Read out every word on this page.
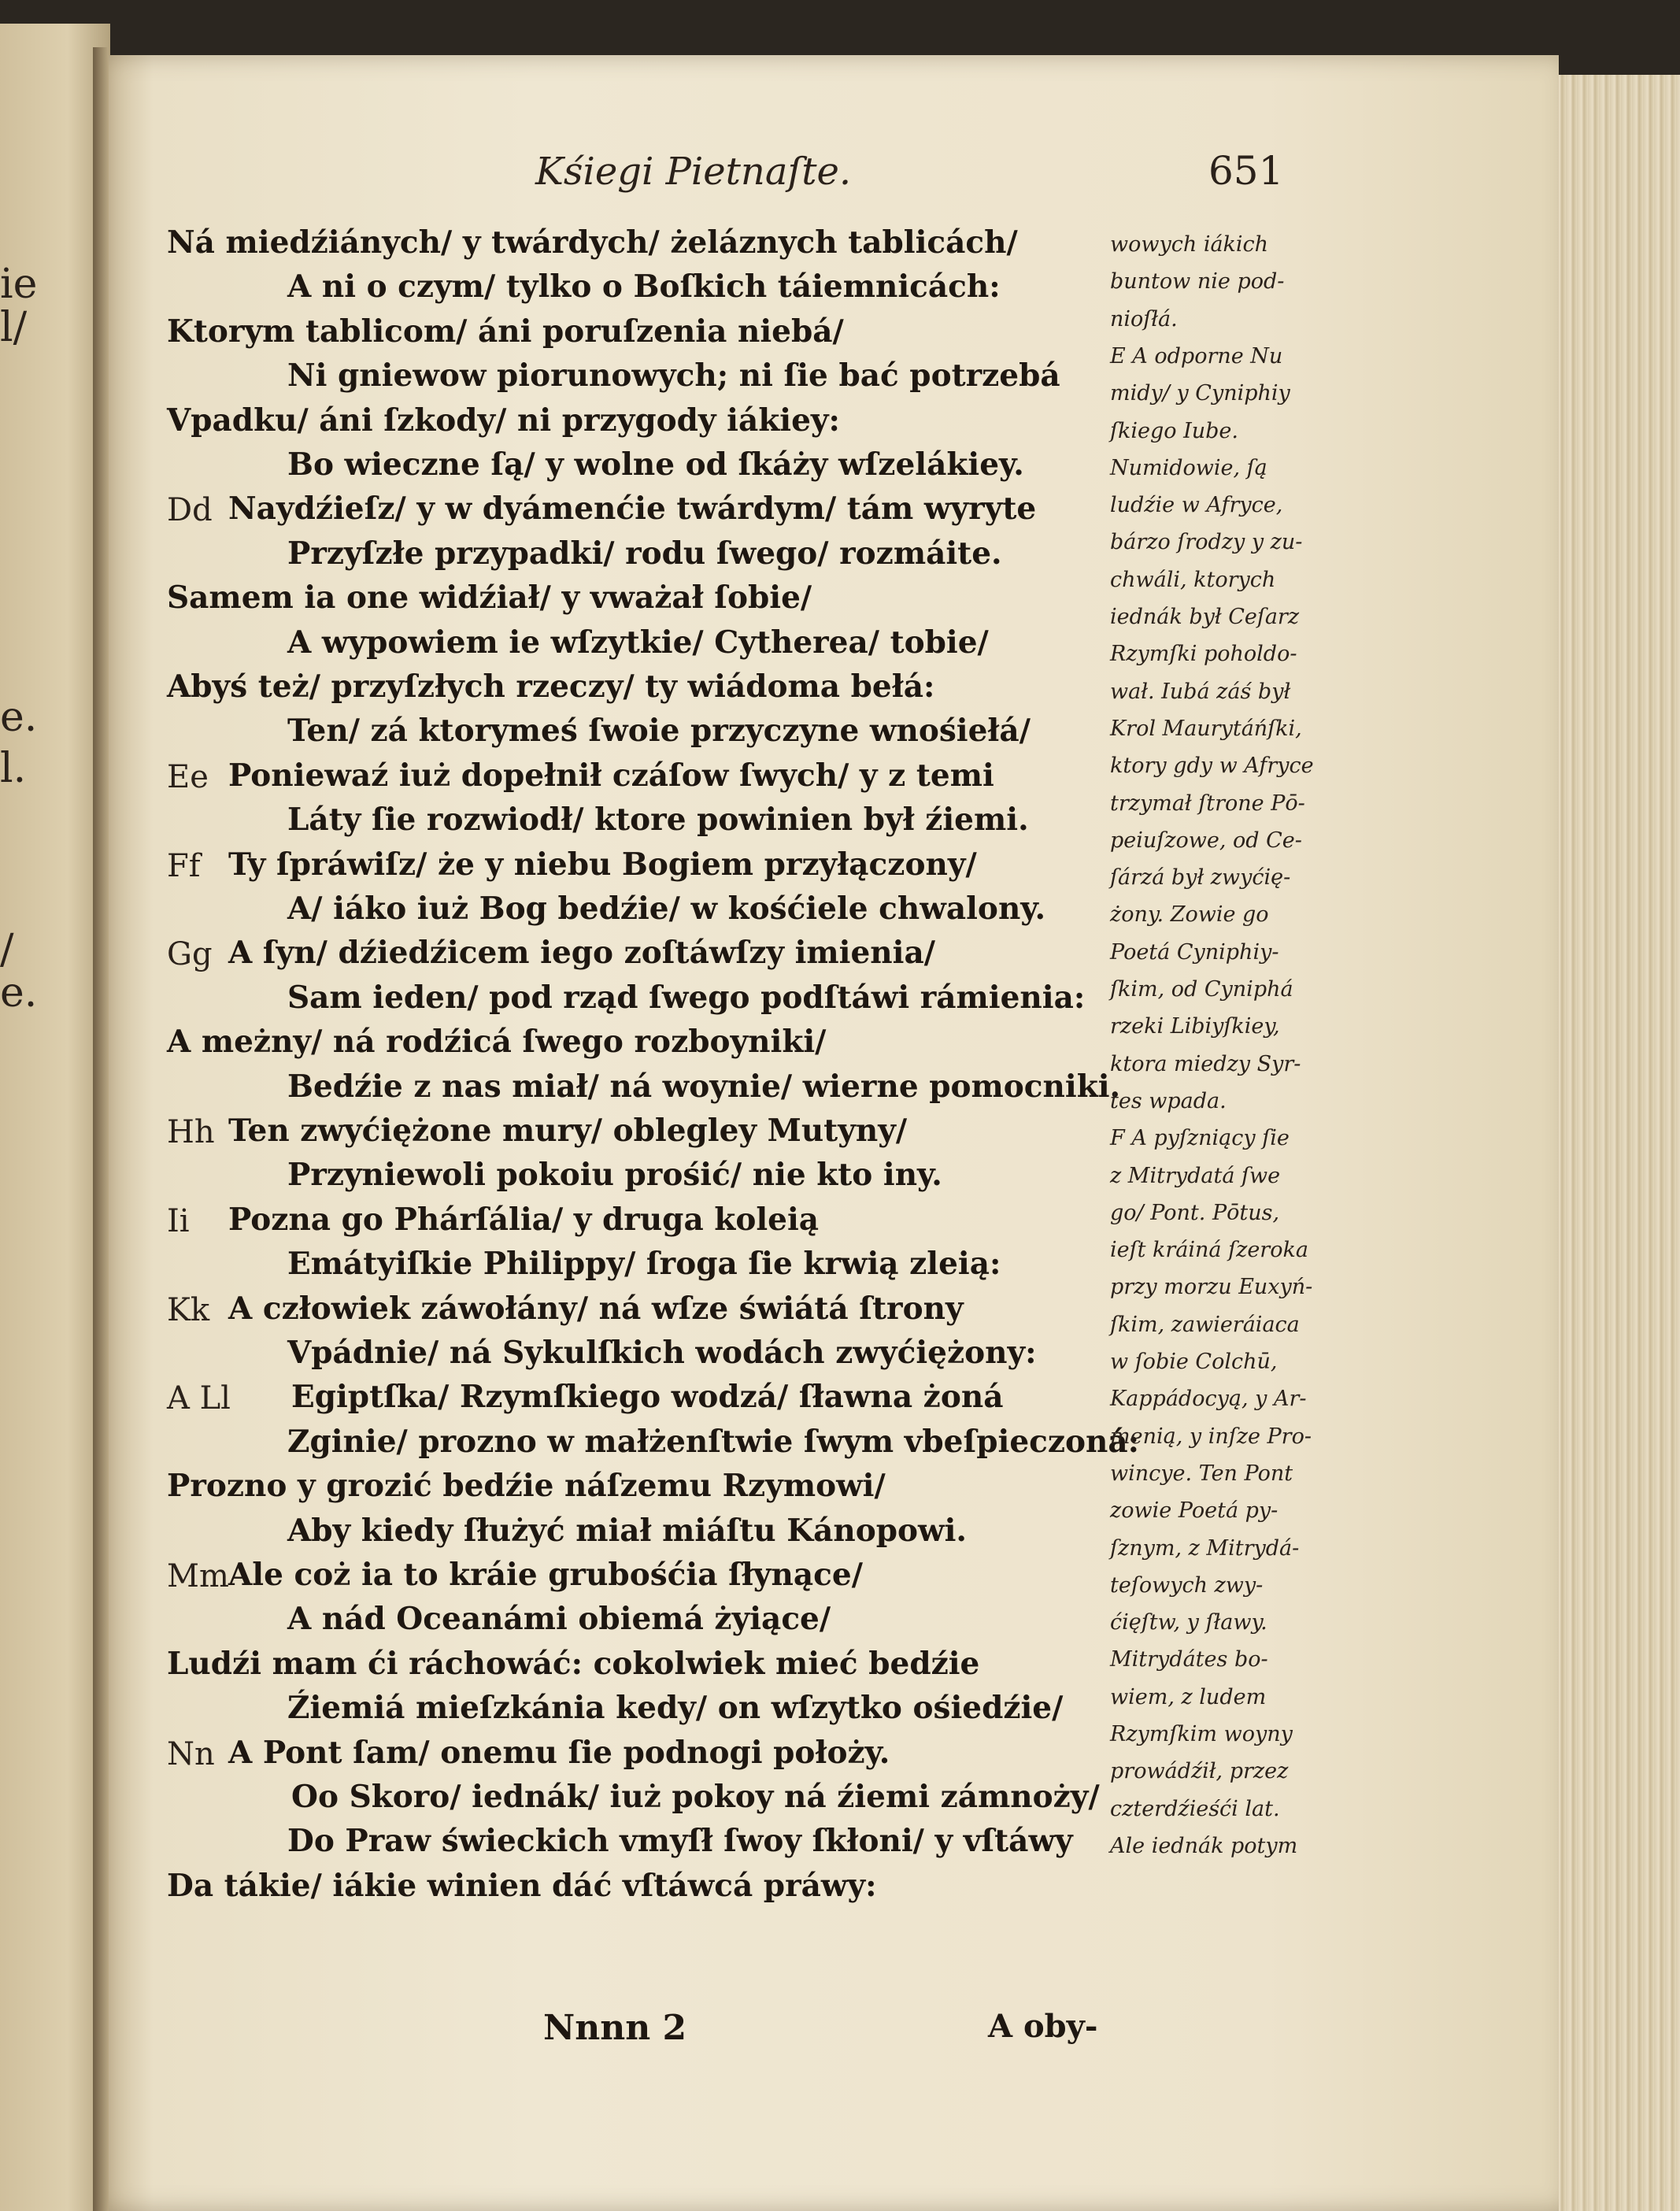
ie
l/
e.
l.
/
e.
Kśiegi Pietnaſte.	651
Ná miedźiánych/ y twárdych/ żeláznych tablicách/
A ni o czym/ tylko o Boſkich táiemnicách:
Ktorym tablicom/ áni poruſzenia niebá/
Ni gniewow piorunowych; ni ſie bać potrzebá
Vpadku/ áni ſzkody/ ni przygody iákiey:
Bo wieczne ſą/ y wolne od ſkáży wſzelákiey.
Dd Naydźieſz/ y w dyámenćie twárdym/ tám wyryte
Przyſzłe przypadki/ rodu ſwego/ rozmáite.
Samem ia one widźiał/ y vważał ſobie/
A wypowiem ie wſzytkie/ Cytherea/ tobie/
Abyś też/ przyſzłych rzeczy/ ty wiádoma bełá:
Ten/ zá ktorymeś ſwoie przyczyne wnośiełá/
Ee Poniewaź iuż dopełnił czáſow ſwych/ y z temi
Láty ſie rozwiodł/ ktore powinien był źiemi.
Ff Ty ſpráwiſz/ że y niebu Bogiem przyłączony/
A/ iáko iuż Bog bedźie/ w kośćiele chwalony.
Gg A ſyn/ dźiedźicem iego zoſtáwſzy imienia/
Sam ieden/ pod rząd ſwego podſtáwi rámienia:
A meżny/ ná rodźicá ſwego rozboyniki/
Bedźie z nas miał/ ná woynie/ wierne pomocniki.
Hh Ten zwyćiężone mury/ oblegley Mutyny/
Przyniewoli pokoiu prośić/ nie kto iny.
Ii Pozna go Phárſália/ y druga koleią
Emátyiſkie Philippy/ ſroga ſie krwią zleią:
Kk A człowiek záwołány/ ná wſze świátá ſtrony
Vpádnie/ ná Sykulſkich wodách zwyćiężony:
A Ll Egiptſka/ Rzymſkiego wodzá/ ſławna żoná
Zginie/ prozno w małżenſtwie ſwym vbeſpieczoná:
Prozno y grozić bedźie náſzemu Rzymowi/
Aby kiedy ſłużyć miał miáſtu Kánopowi.
Mm Ale coż ia to kráie grubośćia ſłynące/
A nád Oceanámi obiemá żyiące/
Ludźi mam ći ráchowáć: cokolwiek mieć bedźie
Źiemiá mieſzkánia kedy/ on wſzytko ośiedźie/
Nn A Pont ſam/ onemu ſie podnogi położy.
Oo Skoro/ iednák/ iuż pokoy ná źiemi zámnoży/
Do Praw świeckich vmyſł ſwoy ſkłoni/ y vſtáwy
Da tákie/ iákie winien dáć vſtáwcá práwy:
wowych iákich
buntow nie pod-
nioſłá.
E A odporne Nu
midy/ y Cyniphiy
ſkiego Iube.
Numidowie, ſą
ludźie w Afryce,
bárzo ſrodzy y zu-
chwáli, ktorych
iednák był Ceſarz
Rzymſki poholdo-
wał. Iubá záś był
Krol Maurytáńſki,
ktory gdy w Afryce
trzymał ſtrone Pō-
peiuſzowe, od Ce-
ſárzá był zwyćię-
żony. Zowie go
Poetá Cyniphiy-
ſkim, od Cyniphá
rzeki Libiyſkiey,
ktora miedzy Syr-
tes wpada.
F A pyſzniący ſie
z Mitrydatá ſwe
go/ Pont. Pōtus,
ieſt kráiná ſzeroka
przy morzu Euxyń-
ſkim, zawieráiaca
w ſobie Colchū,
Kappádocyą, y Ar-
menią, y inſze Pro-
wincye. Ten Pont
zowie Poetá py-
ſznym, z Mitrydá-
teſowych zwy-
ćięſtw, y ſławy.
Mitrydátes bo-
wiem, z ludem
Rzymſkim woyny
prowádźił, przez
czterdźieśći lat.
Ale iednák potym
Nnnn 2	A oby-
